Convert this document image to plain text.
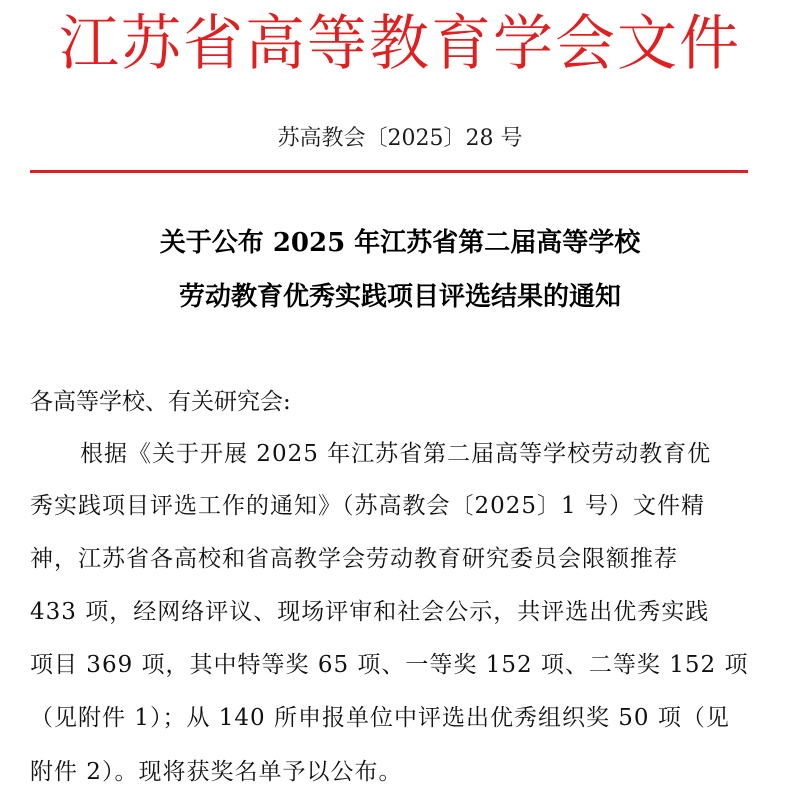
江苏省高等教育学会文件
苏高教会〔2025〕28 号
关于公布 2025 年江苏省第二届高等学校
劳动教育优秀实践项目评选结果的通知
各高等学校、有关研究会:
根据《关于开展 2025 年江苏省第二届高等学校劳动教育优
秀实践项目评选工作的通知》（苏高教会〔2025〕1 号）文件精
神，江苏省各高校和省高教学会劳动教育研究委员会限额推荐
433 项，经网络评议、现场评审和社会公示，共评选出优秀实践
项目 369 项，其中特等奖 65 项、一等奖 152 项、二等奖 152 项
（见附件 1）；从 140 所申报单位中评选出优秀组织奖 50 项（见
附件 2）。现将获奖名单予以公布。
